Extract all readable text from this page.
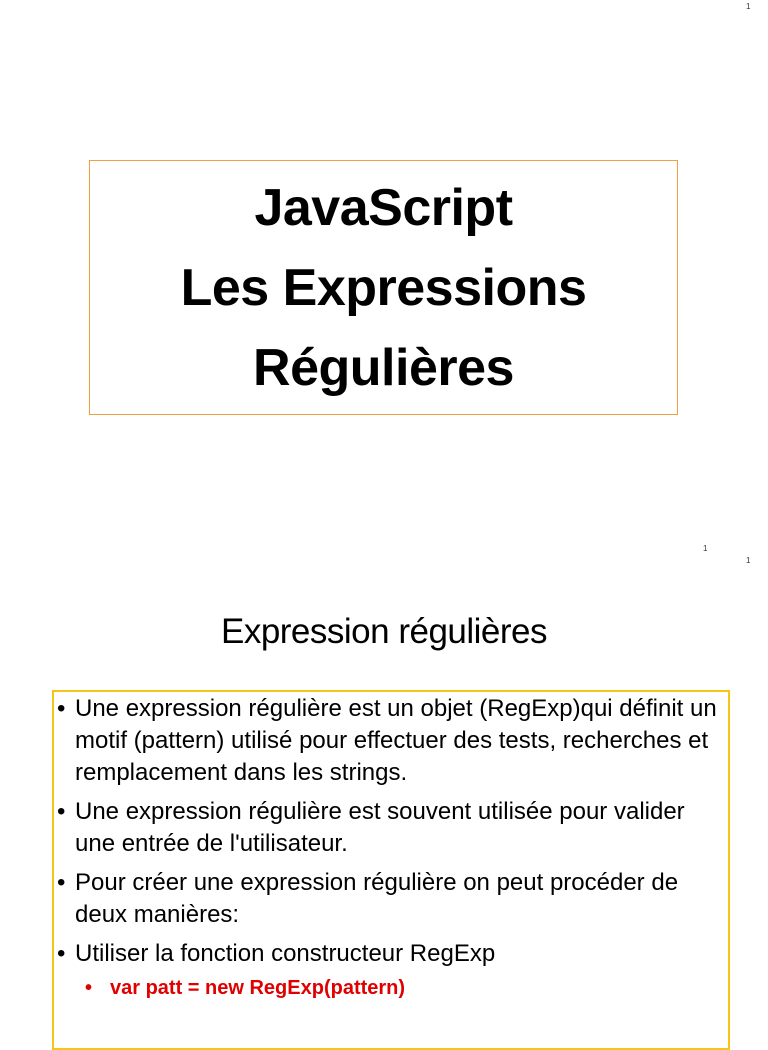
1
JavaScript
Les Expressions
Régulières
1
1
Expression régulières
• Une expression régulière est un objet (RegExp)qui définit un motif (pattern) utilisé pour effectuer des tests, recherches et remplacement dans les strings.
• Une expression régulière est souvent utilisée pour valider une entrée de l'utilisateur.
• Pour créer une expression régulière on peut procéder de deux manières:
• Utiliser la fonction constructeur RegExp
• var patt = new RegExp(pattern)
